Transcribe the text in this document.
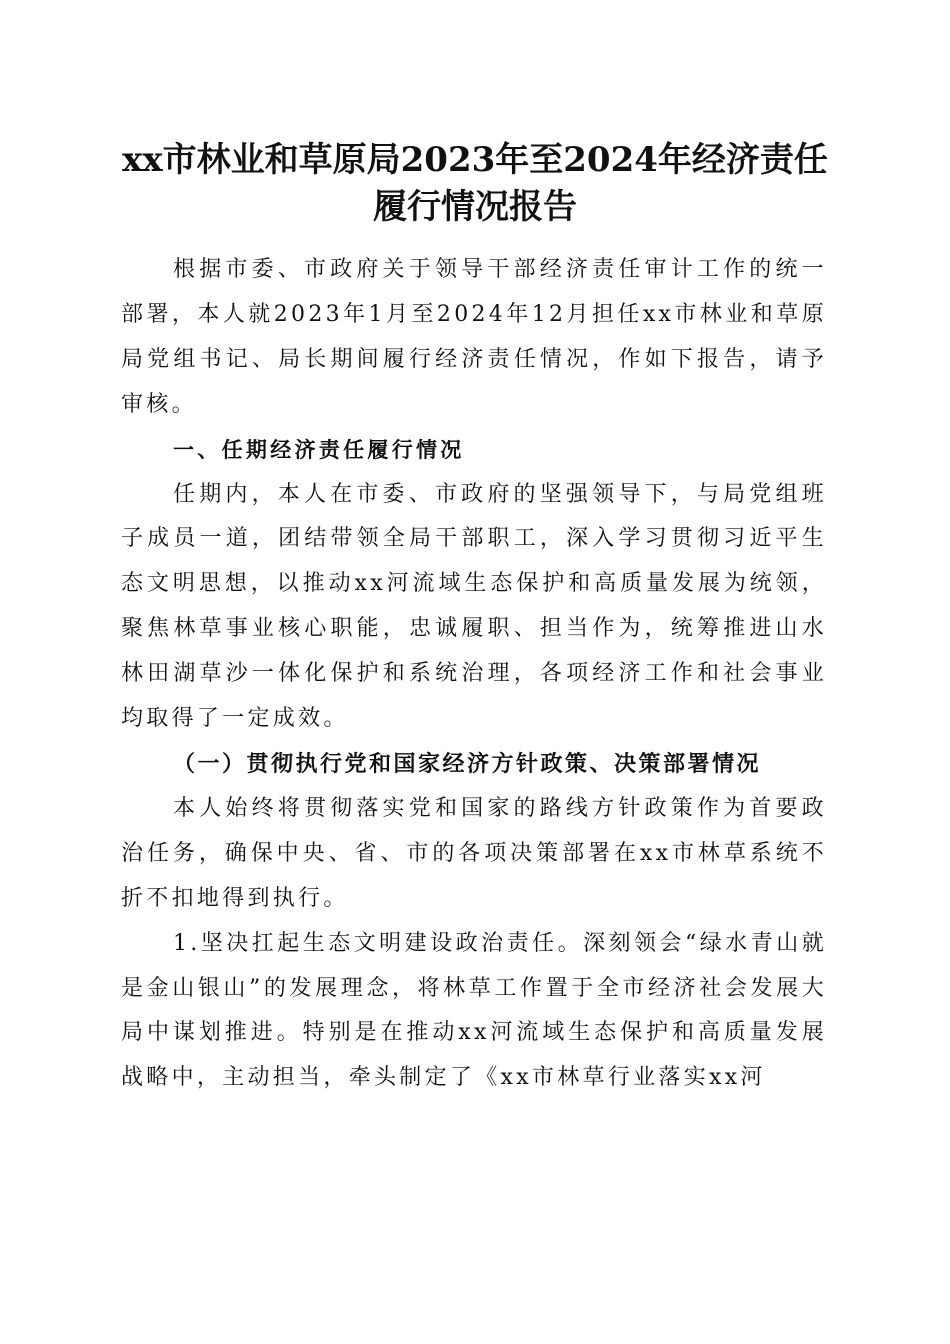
xx市林业和草原局2023年至2024年经济责任
履行情况报告

根据市委、市政府关于领导干部经济责任审计工作的统一部署，本人就2023年1月至2024年12月担任xx市林业和草原局党组书记、局长期间履行经济责任情况，作如下报告，请予审核。

一、任期经济责任履行情况

任期内，本人在市委、市政府的坚强领导下，与局党组班子成员一道，团结带领全局干部职工，深入学习贯彻习近平生态文明思想，以推动xx河流域生态保护和高质量发展为统领，聚焦林草事业核心职能，忠诚履职、担当作为，统筹推进山水林田湖草沙一体化保护和系统治理，各项经济工作和社会事业均取得了一定成效。

（一）贯彻执行党和国家经济方针政策、决策部署情况

本人始终将贯彻落实党和国家的路线方针政策作为首要政治任务，确保中央、省、市的各项决策部署在xx市林草系统不折不扣地得到执行。

1.坚决扛起生态文明建设政治责任。深刻领会“绿水青山就是金山银山”的发展理念，将林草工作置于全市经济社会发展大局中谋划推进。特别是在推动xx河流域生态保护和高质量发展战略中，主动担当，牵头制定了《xx市林草行业落实xx河
